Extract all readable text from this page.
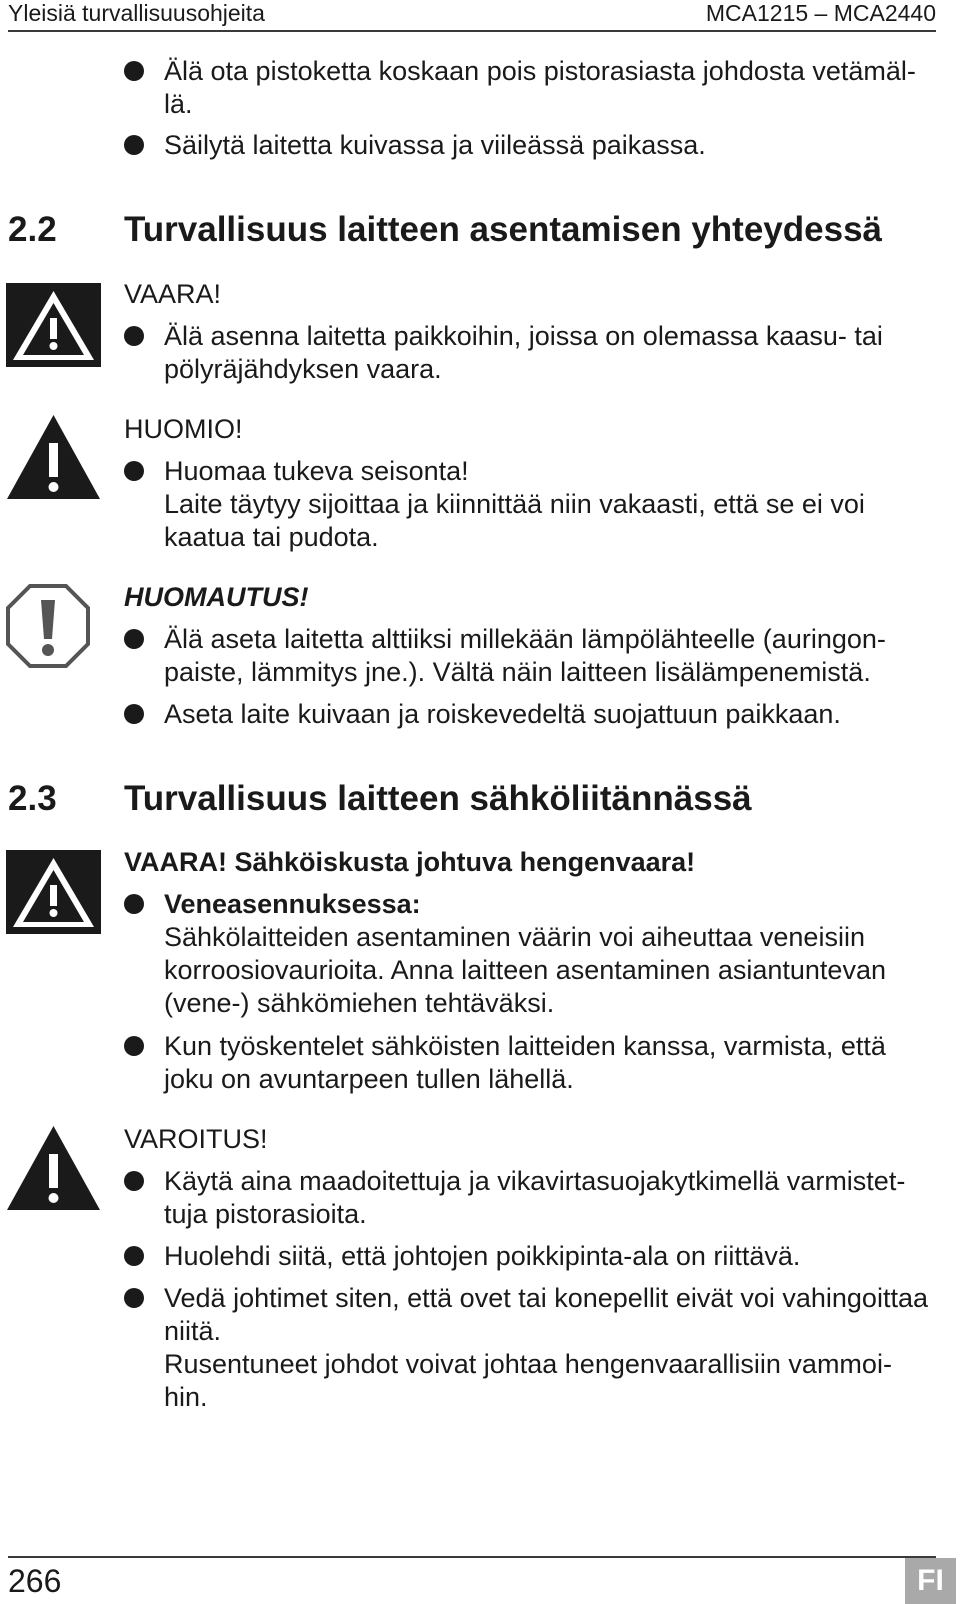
Yleisiä turvallisuusohjeita	MCA1215 – MCA2440
Älä ota pistoketta koskaan pois pistorasiasta johdosta vetämäl-
lä.
Säilytä laitetta kuivassa ja viileässä paikassa.
2.2 Turvallisuus laitteen asentamisen yhteydessä
VAARA!
Älä asenna laitetta paikkoihin, joissa on olemassa kaasu- tai
pölyräjähdyksen vaara.
HUOMIO!
Huomaa tukeva seisonta!
Laite täytyy sijoittaa ja kiinnittää niin vakaasti, että se ei voi
kaatua tai pudota.
HUOMAUTUS!
Älä aseta laitetta alttiiksi millekään lämpölähteelle (auringon-
paiste, lämmitys jne.). Vältä näin laitteen lisälämpenemistä.
Aseta laite kuivaan ja roiskevedeltä suojattuun paikkaan.
2.3 Turvallisuus laitteen sähköliitännässä
VAARA! Sähköiskusta johtuva hengenvaara!
Veneasennuksessa:
Sähkölaitteiden asentaminen väärin voi aiheuttaa veneisiin
korroosiovaurioita. Anna laitteen asentaminen asiantuntevan
(vene-) sähkömiehen tehtäväksi.
Kun työskentelet sähköisten laitteiden kanssa, varmista, että
joku on avuntarpeen tullen lähellä.
VAROITUS!
Käytä aina maadoitettuja ja vikavirtasuojakytkimellä varmistet-
tuja pistorasioita.
Huolehdi siitä, että johtojen poikkipinta-ala on riittävä.
Vedä johtimet siten, että ovet tai konepellit eivät voi vahingoittaa
niitä.
Rusentuneet johdot voivat johtaa hengenvaarallisiin vammoi-
hin.
266	FI
